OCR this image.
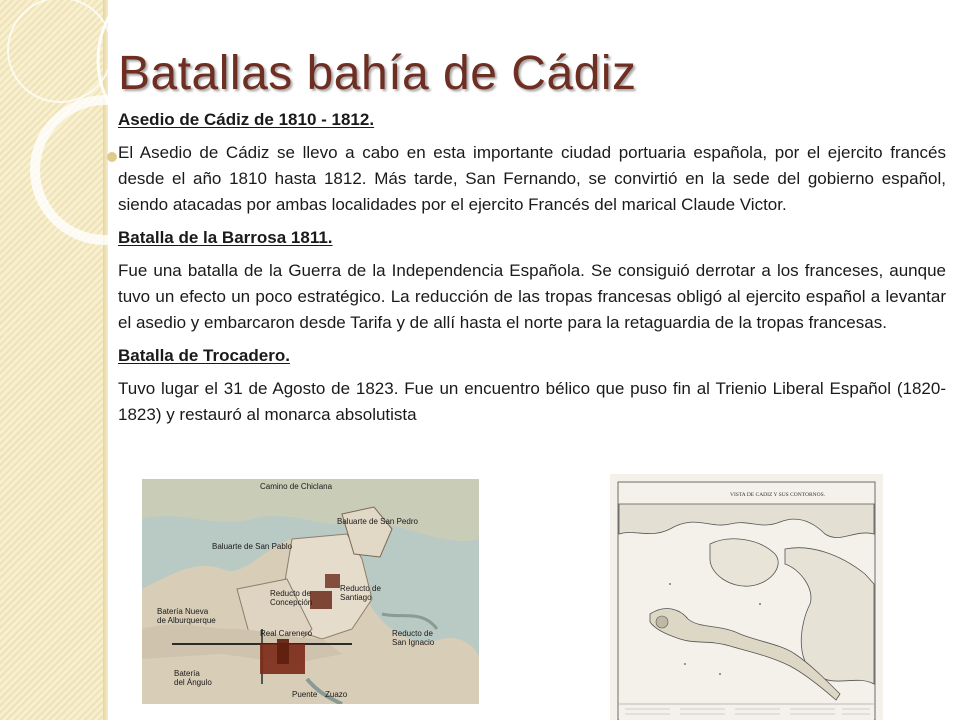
Batallas bahía de Cádiz
Asedio de Cádiz de 1810 - 1812.

El Asedio de Cádiz se llevo a cabo en esta importante ciudad portuaria española, por el ejercito francés desde el año 1810 hasta 1812. Más tarde, San Fernando, se convirtió en la sede del gobierno español, siendo atacadas por ambas localidades por el ejercito Francés del marical Claude Victor.

Batalla de la Barrosa 1811.

Fue una batalla de la Guerra de la Independencia Española. Se consiguió derrotar a los franceses, aunque tuvo un efecto un poco estratégico. La reducción de las tropas francesas obligó al ejercito español a levantar el asedio y embarcaron desde Tarifa y de allí hasta el norte para la retaguardia de la tropas francesas.

Batalla de Trocadero.

Tuvo lugar el 31 de Agosto de 1823. Fue un encuentro bélico que puso fin al Trienio Liberal Español (1820-1823) y restauró al monarca absolutista

Camino de Chiclana
Baluarte de San Pedro
Baluarte de San Pablo
Reducto de
Concepción
Reducto de
Santiago
Batería Nueva
de Alburquerque
Real Carenero	Reducto de
San Ignacio
Batería
del Ángulo
Puente Zuazo
VISTA DE CADIZ Y SUS CONTORNOS.
